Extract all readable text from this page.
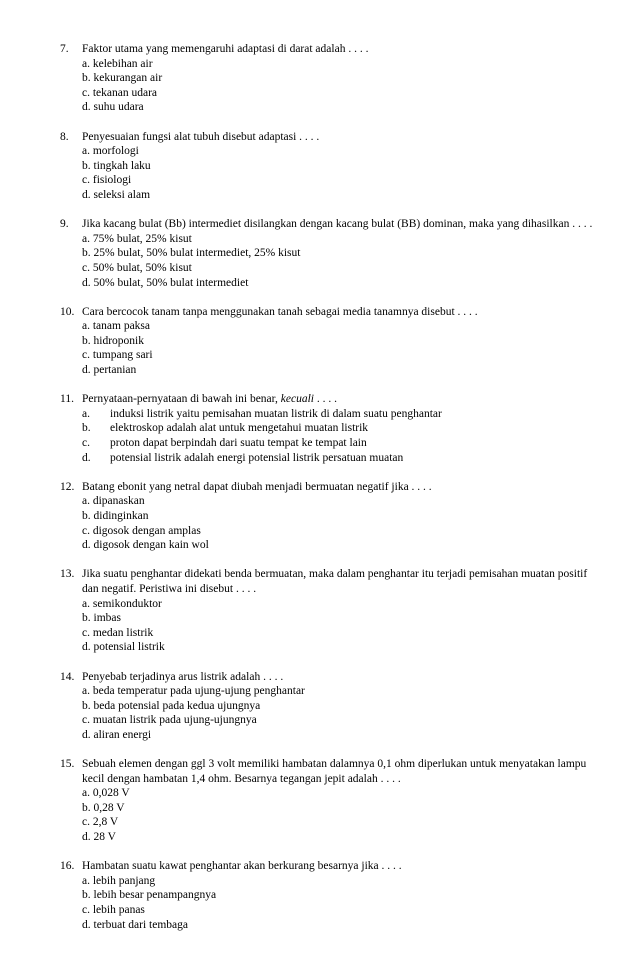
7.	Faktor utama yang memengaruhi adaptasi di darat adalah . . . .
a. kelebihan air
b. kekurangan air
c. tekanan udara
d. suhu udara
8.	Penyesuaian fungsi alat tubuh disebut adaptasi . . . .
a. morfologi
b. tingkah laku
c. fisiologi
d. seleksi alam
9.	Jika kacang bulat (Bb) intermediet disilangkan dengan kacang bulat (BB) dominan, maka yang dihasilkan . . . .
a. 75% bulat, 25% kisut
b. 25% bulat, 50% bulat intermediet, 25% kisut
c. 50% bulat, 50% kisut
d. 50% bulat, 50% bulat intermediet
10. Cara bercocok tanam tanpa menggunakan tanah sebagai media tanamnya disebut . . . .
a. tanam paksa
b. hidroponik
c. tumpang sari
d. pertanian
11. Pernyataan-pernyataan di bawah ini benar, kecuali . . . .
a. induksi listrik yaitu pemisahan muatan listrik di dalam suatu penghantar
b. elektroskop adalah alat untuk mengetahui muatan listrik
c. proton dapat berpindah dari suatu tempat ke tempat lain
d. potensial listrik adalah energi potensial listrik persatuan muatan
12. Batang ebonit yang netral dapat diubah menjadi bermuatan negatif jika . . . .
a. dipanaskan
b. didinginkan
c. digosok dengan amplas
d. digosok dengan kain wol
13. Jika suatu penghantar didekati benda bermuatan, maka dalam penghantar itu terjadi pemisahan muatan positif dan negatif. Peristiwa ini disebut . . . .
a. semikonduktor
b. imbas
c. medan listrik
d. potensial listrik
14. Penyebab terjadinya arus listrik adalah . . . .
a. beda temperatur pada ujung-ujung penghantar
b. beda potensial pada kedua ujungnya
c. muatan listrik pada ujung-ujungnya
d. aliran energi
15. Sebuah elemen dengan ggl 3 volt memiliki hambatan dalamnya 0,1 ohm diperlukan untuk menyatakan lampu kecil dengan hambatan 1,4 ohm. Besarnya tegangan jepit adalah . . . .
a. 0,028 V
b. 0,28 V
c. 2,8 V
d. 28 V
16. Hambatan suatu kawat penghantar akan berkurang besarnya jika . . . .
a. lebih panjang
b. lebih besar penampangnya
c. lebih panas
d. terbuat dari tembaga
